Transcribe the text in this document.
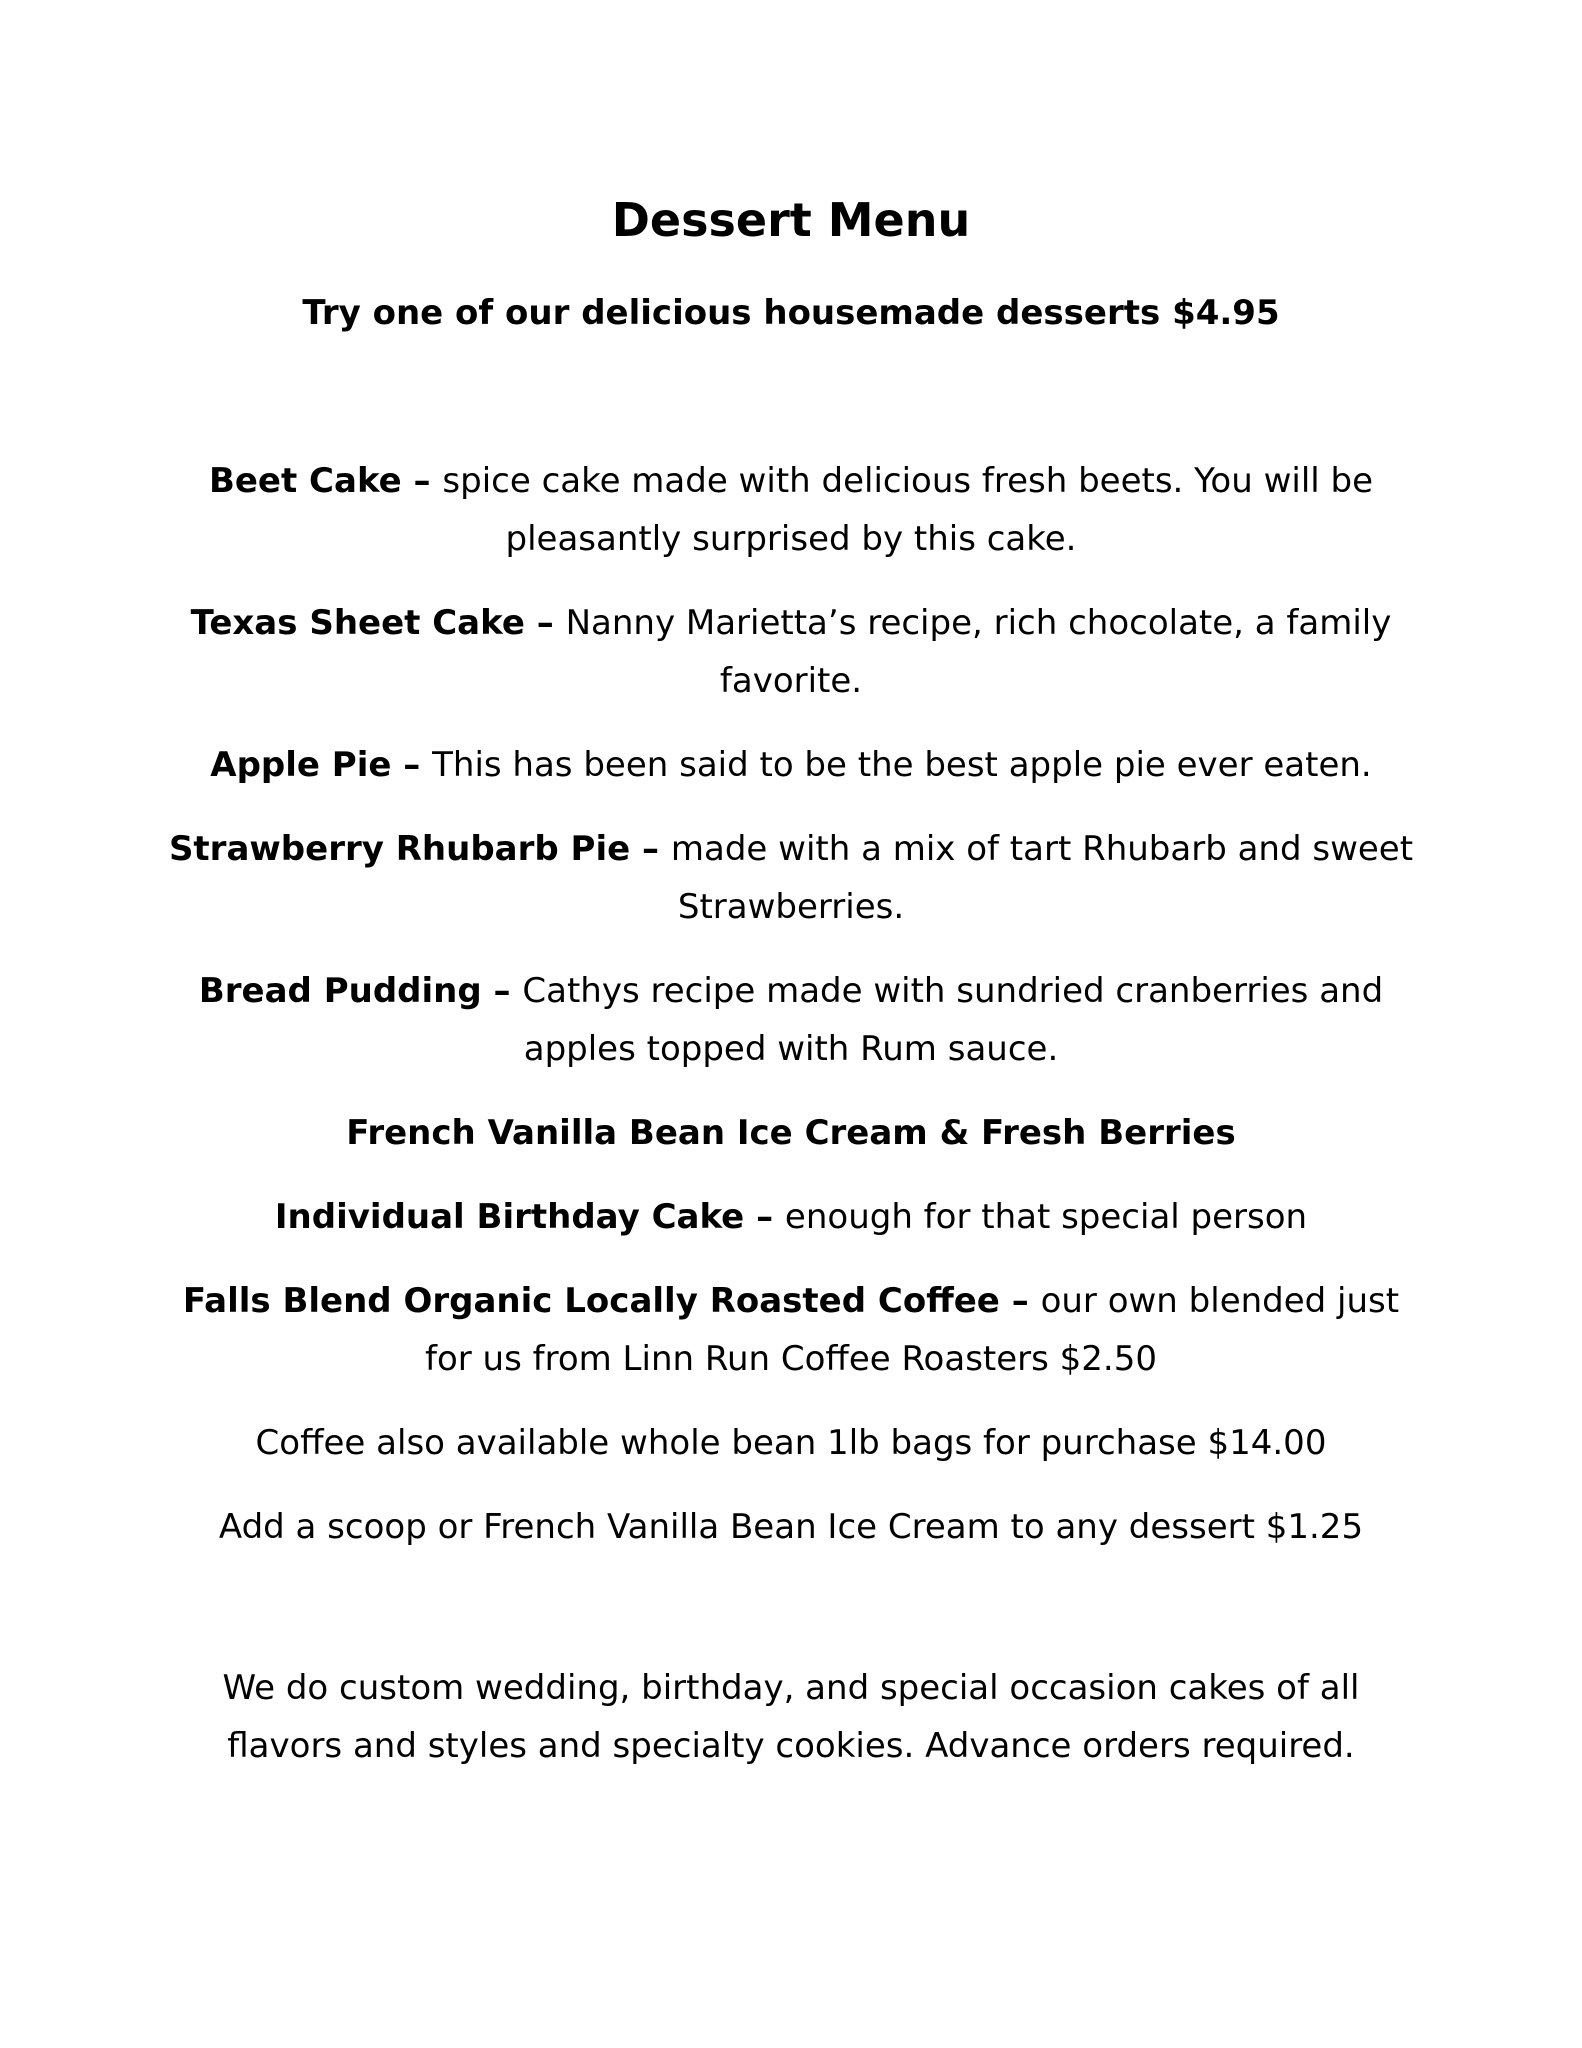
Dessert Menu
Try one of our delicious housemade desserts $4.95

Beet Cake – spice cake made with delicious fresh beets. You will be pleasantly surprised by this cake.

Texas Sheet Cake – Nanny Marietta’s recipe, rich chocolate, a family favorite.

Apple Pie – This has been said to be the best apple pie ever eaten.

Strawberry Rhubarb Pie – made with a mix of tart Rhubarb and sweet Strawberries.

Bread Pudding – Cathys recipe made with sundried cranberries and apples topped with Rum sauce.

French Vanilla Bean Ice Cream & Fresh Berries

Individual Birthday Cake – enough for that special person

Falls Blend Organic Locally Roasted Coffee – our own blended just for us from Linn Run Coffee Roasters $2.50

Coffee also available whole bean 1lb bags for purchase $14.00

Add a scoop or French Vanilla Bean Ice Cream to any dessert $1.25

We do custom wedding, birthday, and special occasion cakes of all flavors and styles and specialty cookies. Advance orders required.
